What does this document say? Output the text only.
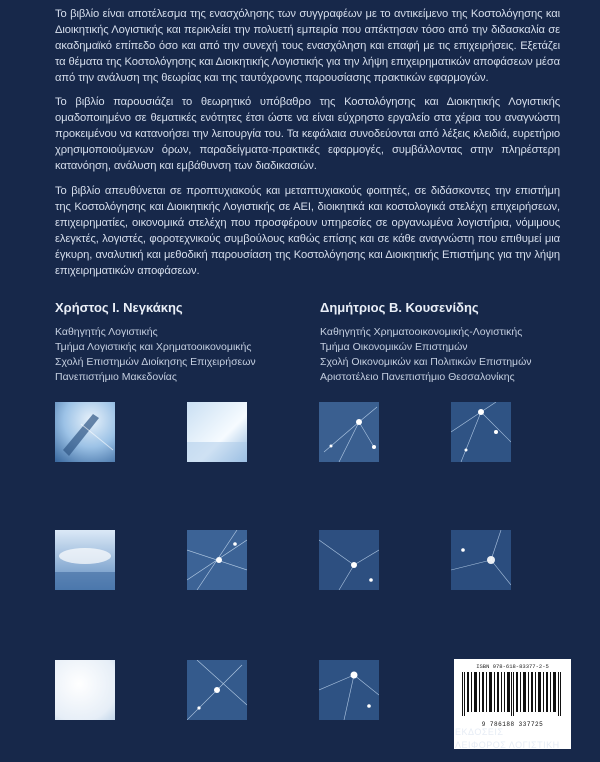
Το βιβλίο είναι αποτέλεσμα της ενασχόλησης των συγγραφέων με το αντικείμενο της Κοστολόγησης και Διοικητικής Λογιστικής και περικλείει την πολυετή εμπειρία που απέκτησαν τόσο από την διδασκαλία σε ακαδημαϊκό επίπεδο όσο και από την συνεχή τους ενασχόληση και επαφή με τις επιχειρήσεις. Εξετάζει τα θέματα της Κοστολόγησης και Διοικητικής Λογιστικής για την λήψη επιχειρηματικών αποφάσεων μέσα από την ανάλυση της θεωρίας και της ταυτόχρονης παρουσίασης πρακτικών εφαρμογών.
Το βιβλίο παρουσιάζει το θεωρητικό υπόβαθρο της Κοστολόγησης και Διοικητικής Λογιστικής ομαδοποιημένο σε θεματικές ενότητες έτσι ώστε να είναι εύχρηστο εργαλείο στα χέρια του αναγνώστη προκειμένου να κατανοήσει την λειτουργία του. Τα κεφάλαια συνοδεύονται από λέξεις κλειδιά, ευρετήριο χρησιμοποιούμενων όρων, παραδείγματα-πρακτικές εφαρμογές, συμβάλλοντας στην πληρέστερη κατανόηση, ανάλυση και εμβάθυνση των διαδικασιών.
Το βιβλίο απευθύνεται σε προπτυχιακούς και μεταπτυχιακούς φοιτητές, σε διδάσκοντες την επιστήμη της Κοστολόγησης και Διοικητικής Λογιστικής σε ΑΕΙ, διοικητικά και κοστολογικά στελέχη επιχειρήσεων, επιχειρηματίες, οικονομικά στελέχη που προσφέρουν υπηρεσίες σε οργανωμένα λογιστήρια, νόμιμους ελεγκτές, λογιστές, φοροτεχνικούς συμβούλους καθώς επίσης και σε κάθε αναγνώστη που επιθυμεί μια έγκυρη, αναλυτική και μεθοδική παρουσίαση της Κοστολόγησης και Διοικητικής Επιστήμης για την λήψη επιχειρηματικών αποφάσεων.
Χρήστος Ι. Νεγκάκης
Καθηγητής Λογιστικής
Τμήμα Λογιστικής και Χρηματοοικονομικής
Σχολή Επιστημών Διοίκησης Επιχειρήσεων
Πανεπιστήμιο Μακεδονίας
Δημήτριος Β. Κουσενίδης
Καθηγητής Χρηματοοικονομικής-Λογιστικής
Τμήμα Οικονομικών Επιστημών
Σχολή Οικονομικών και Πολιτικών Επιστημών
Αριστοτέλειο Πανεπιστήμιο Θεσσαλονίκης
ISBN 978-618-83377-2-5
9 786188 337725
ΕΚΔΟΣΕΙΣ
ΛΕΙΦΟΡΟΣ ΛΟΓΙΣΤΙΚΗ
